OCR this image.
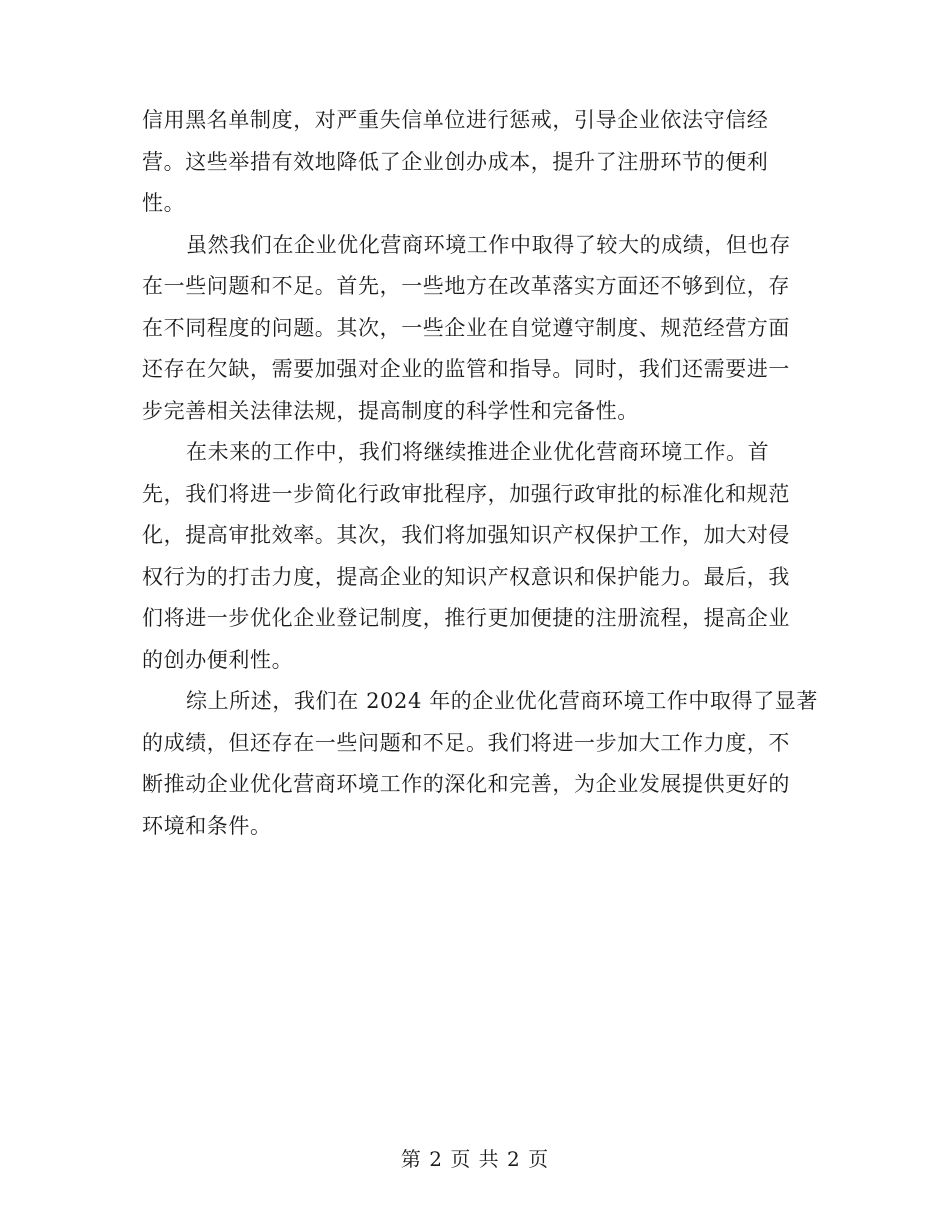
信用黑名单制度，对严重失信单位进行惩戒，引导企业依法守信经
营。这些举措有效地降低了企业创办成本，提升了注册环节的便利
性。
虽然我们在企业优化营商环境工作中取得了较大的成绩，但也存
在一些问题和不足。首先，一些地方在改革落实方面还不够到位，存
在不同程度的问题。其次，一些企业在自觉遵守制度、规范经营方面
还存在欠缺，需要加强对企业的监管和指导。同时，我们还需要进一
步完善相关法律法规，提高制度的科学性和完备性。
在未来的工作中，我们将继续推进企业优化营商环境工作。首
先，我们将进一步简化行政审批程序，加强行政审批的标准化和规范
化，提高审批效率。其次，我们将加强知识产权保护工作，加大对侵
权行为的打击力度，提高企业的知识产权意识和保护能力。最后，我
们将进一步优化企业登记制度，推行更加便捷的注册流程，提高企业
的创办便利性。
综上所述，我们在 2024 年的企业优化营商环境工作中取得了显著
的成绩，但还存在一些问题和不足。我们将进一步加大工作力度，不
断推动企业优化营商环境工作的深化和完善，为企业发展提供更好的
环境和条件。
第 2 页 共 2 页
